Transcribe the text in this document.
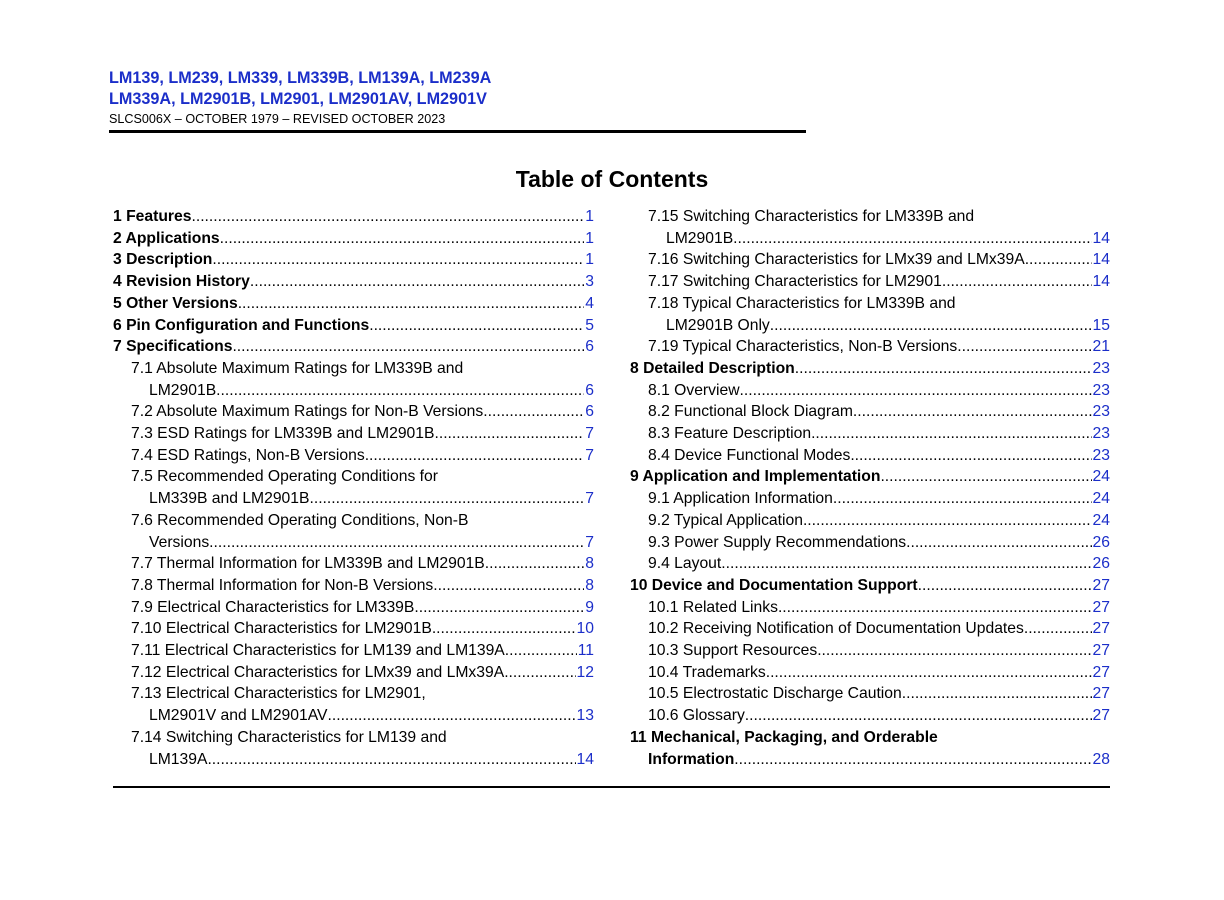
LM139, LM239, LM339, LM339B, LM139A, LM239A
LM339A, LM2901B, LM2901, LM2901AV, LM2901V
SLCS006X – OCTOBER 1979 – REVISED OCTOBER 2023
Table of Contents
1 Features .....	1
2 Applications .....	1
3 Description .....	1
4 Revision History .....	3
5 Other Versions .....	4
6 Pin Configuration and Functions .....	5
7 Specifications .....	6
7.1 Absolute Maximum Ratings for LM339B and
LM2901B .....	6
7.2 Absolute Maximum Ratings for Non-B Versions .....	6
7.3 ESD Ratings for LM339B and LM2901B .....	7
7.4 ESD Ratings, Non-B Versions .....	7
7.5 Recommended Operating Conditions for
LM339B and LM2901B .....	7
7.6 Recommended Operating Conditions, Non-B
Versions .....	7
7.7 Thermal Information for LM339B and LM2901B .....	8
7.8 Thermal Information for Non-B Versions .....	8
7.9 Electrical Characteristics for LM339B .....	9
7.10 Electrical Characteristics for LM2901B .....	10
7.11 Electrical Characteristics for LM139 and LM139A .....	11
7.12 Electrical Characteristics for LMx39 and LMx39A .....	12
7.13 Electrical Characteristics for LM2901,
LM2901V and LM2901AV .....	13
7.14 Switching Characteristics for LM139 and
LM139A .....	14
7.15 Switching Characteristics for LM339B and
LM2901B .....	14
7.16 Switching Characteristics for LMx39 and LMx39A .....	14
7.17 Switching Characteristics for LM2901 .....	14
7.18 Typical Characteristics for LM339B and
LM2901B Only .....	15
7.19 Typical Characteristics, Non-B Versions .....	21
8 Detailed Description .....	23
8.1 Overview .....	23
8.2 Functional Block Diagram .....	23
8.3 Feature Description .....	23
8.4 Device Functional Modes .....	23
9 Application and Implementation .....	24
9.1 Application Information .....	24
9.2 Typical Application .....	24
9.3 Power Supply Recommendations .....	26
9.4 Layout .....	26
10 Device and Documentation Support .....	27
10.1 Related Links .....	27
10.2 Receiving Notification of Documentation Updates .....	27
10.3 Support Resources .....	27
10.4 Trademarks .....	27
10.5 Electrostatic Discharge Caution .....	27
10.6 Glossary .....	27
11 Mechanical, Packaging, and Orderable
Information .....	28
